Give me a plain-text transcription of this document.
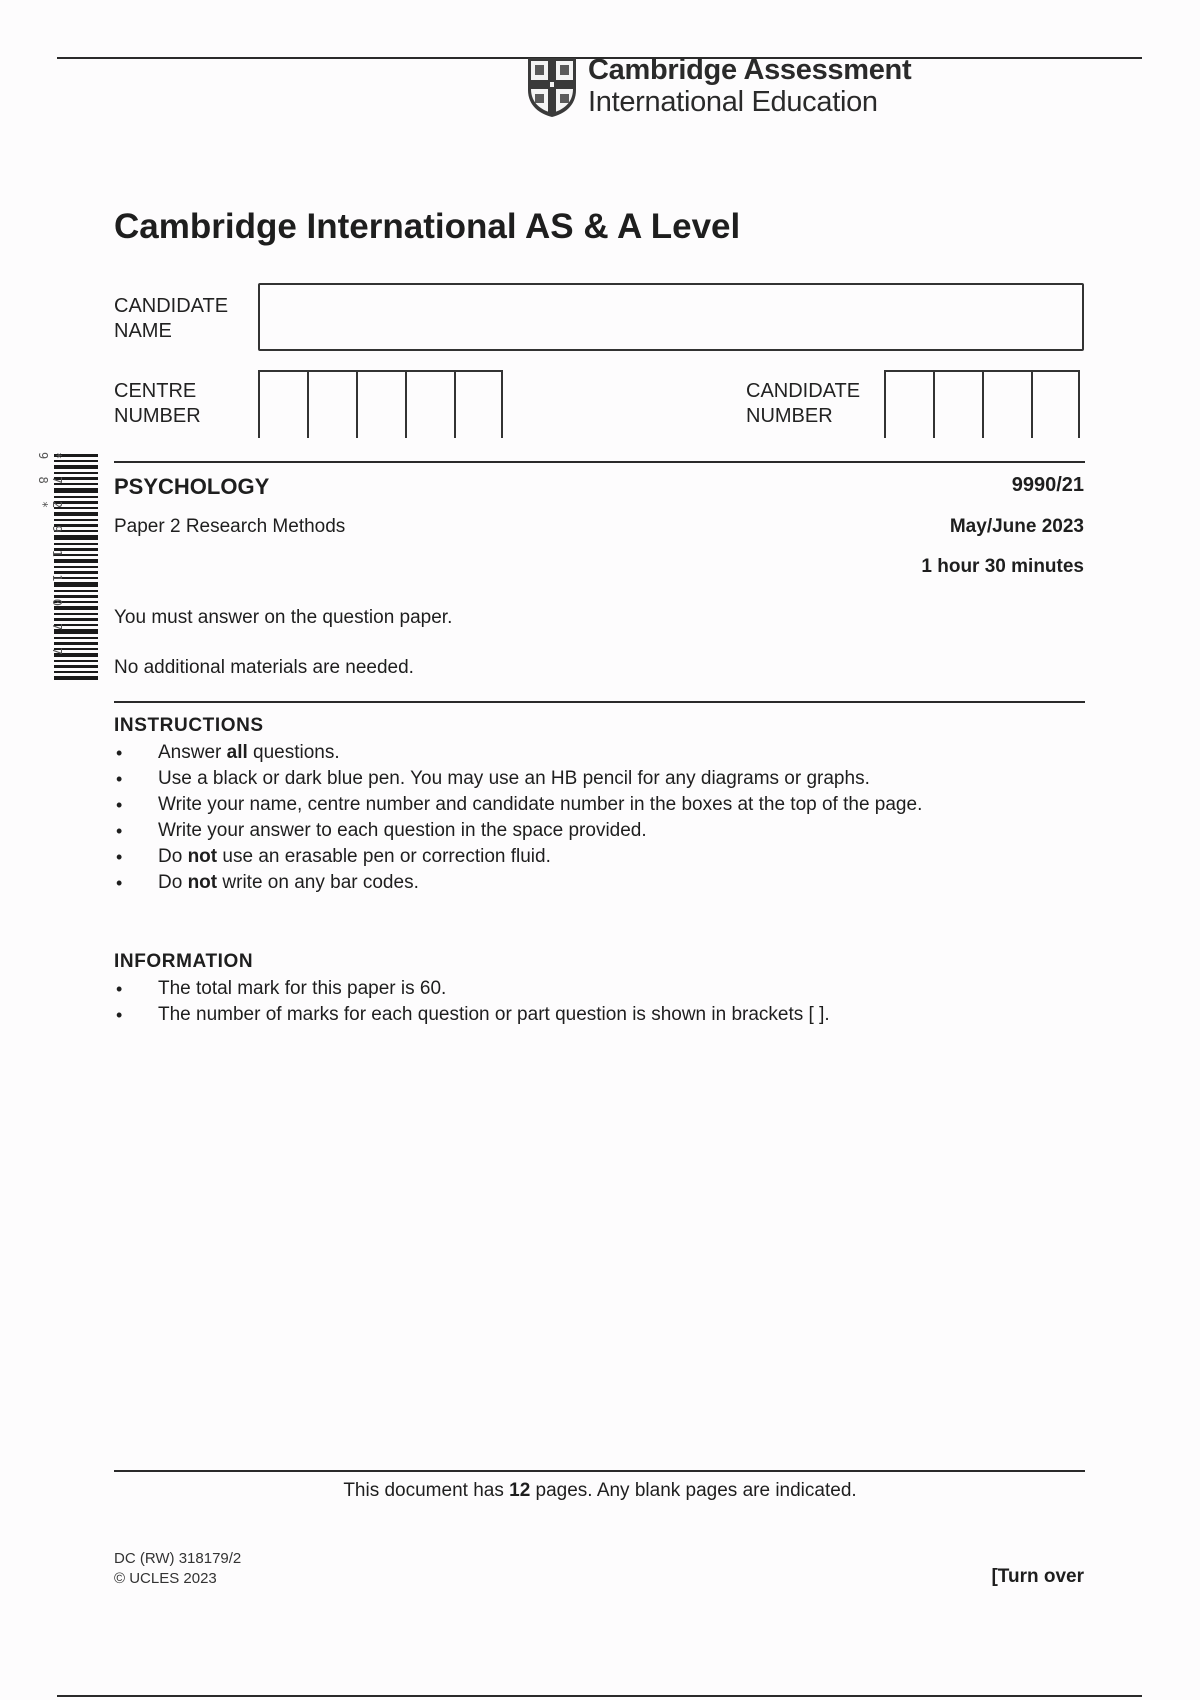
Cambridge Assessment
International Education
Cambridge International AS & A Level
CANDIDATE
NAME
CENTRE
NUMBER
CANDIDATE
NUMBER
* 7 2 9 1 1 0 7 7 9 8 *	PSYCHOLOGY	9990/21
Paper 2 Research Methods	May/June 2023
1 hour 30 minutes
You must answer on the question paper.
No additional materials are needed.
INSTRUCTIONS
• Answer all questions.
• Use a black or dark blue pen. You may use an HB pencil for any diagrams or graphs.
• Write your name, centre number and candidate number in the boxes at the top of the page.
• Write your answer to each question in the space provided.
• Do not use an erasable pen or correction fluid.
• Do not write on any bar codes.
INFORMATION
• The total mark for this paper is 60.
• The number of marks for each question or part question is shown in brackets [ ].
This document has 12 pages. Any blank pages are indicated.
DC (RW) 318179/2
© UCLES 2023	[Turn over
